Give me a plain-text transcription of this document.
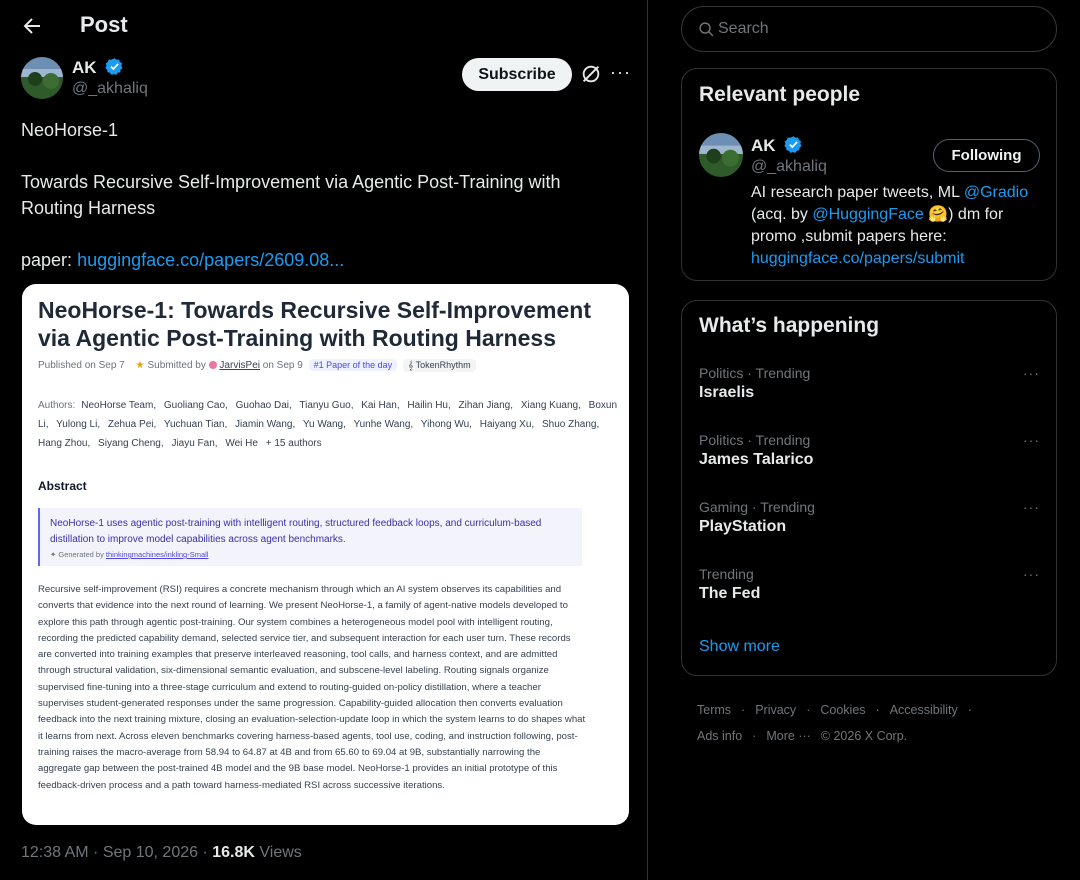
Post
AK
@_akhaliq
Subscribe	···

NeoHorse-1

Towards Recursive Self-Improvement via Agentic Post-Training with Routing Harness

paper: huggingface.co/papers/2609.08...

NeoHorse-1: Towards Recursive Self-Improvement via Agentic Post-Training with Routing Harness
Published on Sep 7 ★ Submitted by JarvisPei on Sep 9 #1 Paper of the day 𝄞 TokenRhythm
Authors: NeoHorse Team, Guoliang Cao, Guohao Dai, Tianyu Guo, Kai Han, Hailin Hu, Zihan Jiang, Xiang Kuang, Boxun Li, Yulong Li, Zehua Pei, Yuchuan Tian, Jiamin Wang, Yu Wang, Yunhe Wang, Yihong Wu, Haiyang Xu, Shuo Zhang, Hang Zhou, Siyang Cheng, Jiayu Fan, Wei He + 15 authors
Abstract
NeoHorse-1 uses agentic post-training with intelligent routing, structured feedback loops, and curriculum-based distillation to improve model capabilities across agent benchmarks.
✦ Generated by thinkingmachines/inkling-Small
Recursive self-improvement (RSI) requires a concrete mechanism through which an AI system observes its capabilities and converts that evidence into the next round of learning. We present NeoHorse-1, a family of agent-native models developed to explore this path through agentic post-training. Our system combines a heterogeneous model pool with intelligent routing, recording the predicted capability demand, selected service tier, and subsequent interaction for each user turn. These records are converted into training examples that preserve interleaved reasoning, tool calls, and harness context, and are admitted through structural validation, six-dimensional semantic evaluation, and subscene-level labeling. Routing signals organize supervised fine-tuning into a three-stage curriculum and extend to routing-guided on-policy distillation, where a teacher supervises student-generated responses under the same progression. Capability-guided allocation then converts evaluation feedback into the next training mixture, closing an evaluation-selection-update loop in which the system learns to do shapes what it learns from next. Across eleven benchmarks covering harness-based agents, tool use, coding, and instruction following, post-training raises the macro-average from 58.94 to 64.87 at 4B and from 65.60 to 69.04 at 9B, substantially narrowing the aggregate gap between the post-trained 4B model and the 9B base model. NeoHorse-1 provides an initial prototype of this feedback-driven process and a path toward harness-mediated RSI across successive iterations.
12:38 AM · Sep 10, 2026 · 16.8K Views
Search
Relevant people
AK
@_akhaliq
Following
AI research paper tweets, ML @Gradio (acq. by @HuggingFace 🤗) dm for promo ,submit papers here: huggingface.co/papers/submit
What’s happening
Politics · Trending
Israelis
···
Politics · Trending
James Talarico
···
Gaming · Trending
PlayStation
···
Trending
The Fed
···
Show more
Terms · Privacy · Cookies · Accessibility ·
Ads info · More ··· © 2026 X Corp.
